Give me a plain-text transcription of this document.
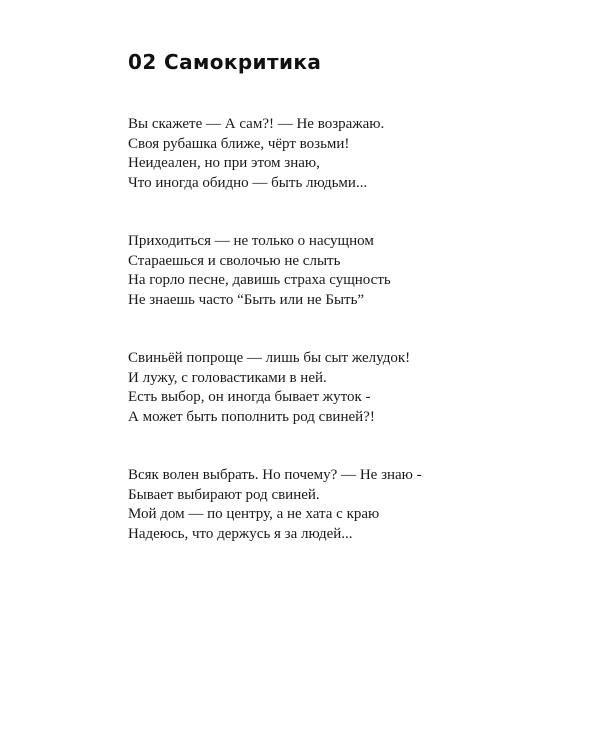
02 Самокритика
Вы скажете — А сам?! — Не возражаю.
Своя рубашка ближе, чёрт возьми!
Неидеален, но при этом знаю,
Что иногда обидно — быть людьми...
Приходиться — не только о насущном
Стараешься и сволочью не слыть
На горло песне, давишь страха сущность
Не знаешь часто “Быть или не Быть”
Свиньёй попроще — лишь бы сыт желудок!
И лужу, с головастиками в ней.
Есть выбор, он иногда бывает жуток -
А может быть пополнить род свиней?!
Всяк волен выбрать. Но почему? — Не знаю -
Бывает выбирают род свиней.
Мой дом — по центру, а не хата с краю
Надеюсь, что держусь я за людей...
